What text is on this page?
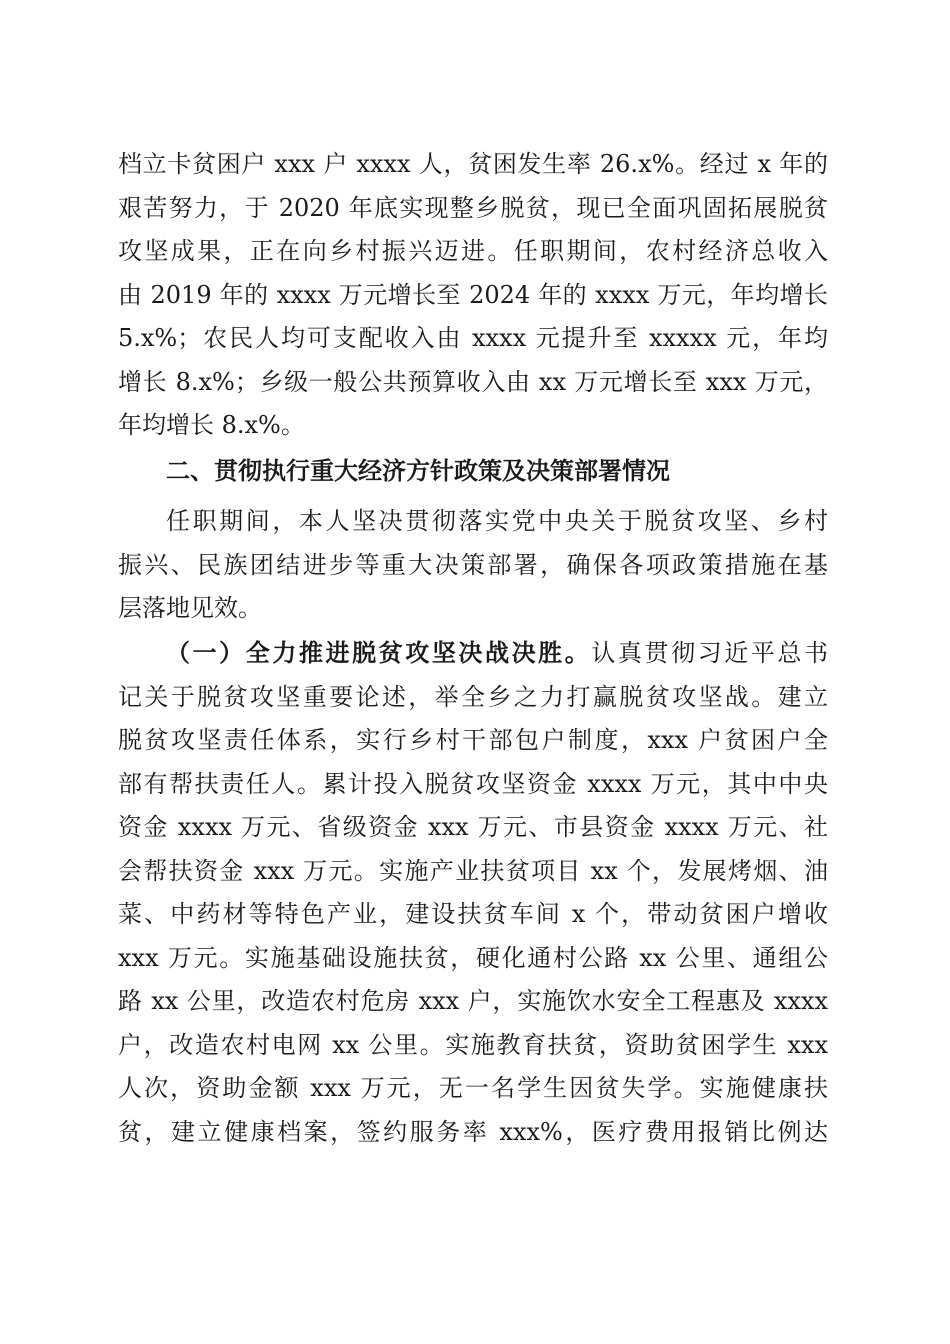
档立卡贫困户 xxx 户 xxxx 人，贫困发生率 26.x%。经过 x 年的
艰苦努力，于 2020 年底实现整乡脱贫，现已全面巩固拓展脱贫
攻坚成果，正在向乡村振兴迈进。任职期间，农村经济总收入
由 2019 年的 xxxx 万元增长至 2024 年的 xxxx 万元，年均增长
5.x%；农民人均可支配收入由 xxxx 元提升至 xxxxx 元，年均
增长 8.x%；乡级一般公共预算收入由 xx 万元增长至 xxx 万元，
年均增长 8.x%。
二、贯彻执行重大经济方针政策及决策部署情况
任职期间，本人坚决贯彻落实党中央关于脱贫攻坚、乡村
振兴、民族团结进步等重大决策部署，确保各项政策措施在基
层落地见效。
（一）全力推进脱贫攻坚决战决胜。认真贯彻习近平总书
记关于脱贫攻坚重要论述，举全乡之力打赢脱贫攻坚战。建立
脱贫攻坚责任体系，实行乡村干部包户制度，xxx 户贫困户全
部有帮扶责任人。累计投入脱贫攻坚资金 xxxx 万元，其中中央
资金 xxxx 万元、省级资金 xxx 万元、市县资金 xxxx 万元、社
会帮扶资金 xxx 万元。实施产业扶贫项目 xx 个，发展烤烟、油
菜、中药材等特色产业，建设扶贫车间 x 个，带动贫困户增收
xxx 万元。实施基础设施扶贫，硬化通村公路 xx 公里、通组公
路 xx 公里，改造农村危房 xxx 户，实施饮水安全工程惠及 xxxx
户，改造农村电网 xx 公里。实施教育扶贫，资助贫困学生 xxx
人次，资助金额 xxx 万元，无一名学生因贫失学。实施健康扶
贫，建立健康档案，签约服务率 xxx%，医疗费用报销比例达
